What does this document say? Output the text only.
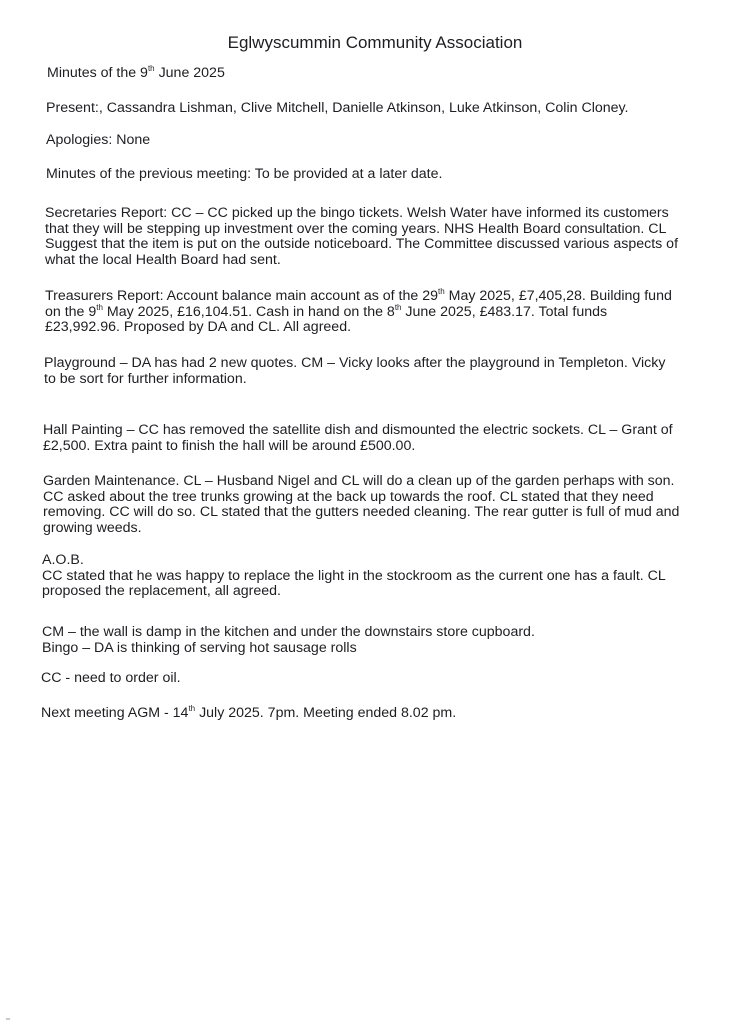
Eglwyscummin Community Association

Minutes of the 9th June 2025

Present:, Cassandra Lishman, Clive Mitchell, Danielle Atkinson, Luke Atkinson, Colin Cloney.

Apologies: None

Minutes of the previous meeting: To be provided at a later date.

Secretaries Report: CC – CC picked up the bingo tickets. Welsh Water have informed its customers
that they will be stepping up investment over the coming years. NHS Health Board consultation. CL
Suggest that the item is put on the outside noticeboard. The Committee discussed various aspects of
what the local Health Board had sent.
Treasurers Report: Account balance main account as of the 29th May 2025, £7,405,28. Building fund
on the 9th May 2025, £16,104.51. Cash in hand on the 8th June 2025, £483.17. Total funds
£23,992.96. Proposed by DA and CL. All agreed.
Playground – DA has had 2 new quotes. CM – Vicky looks after the playground in Templeton. Vicky
to be sort for further information.
Hall Painting – CC has removed the satellite dish and dismounted the electric sockets. CL – Grant of
£2,500. Extra paint to finish the hall will be around £500.00.
Garden Maintenance. CL – Husband Nigel and CL will do a clean up of the garden perhaps with son.
CC asked about the tree trunks growing at the back up towards the roof. CL stated that they need
removing. CC will do so. CL stated that the gutters needed cleaning. The rear gutter is full of mud and
growing weeds.
A.O.B.
CC stated that he was happy to replace the light in the stockroom as the current one has a fault. CL
proposed the replacement, all agreed.
CM – the wall is damp in the kitchen and under the downstairs store cupboard.
Bingo – DA is thinking of serving hot sausage rolls

CC - need to order oil.

Next meeting AGM - 14th July 2025. 7pm. Meeting ended 8.02 pm.
